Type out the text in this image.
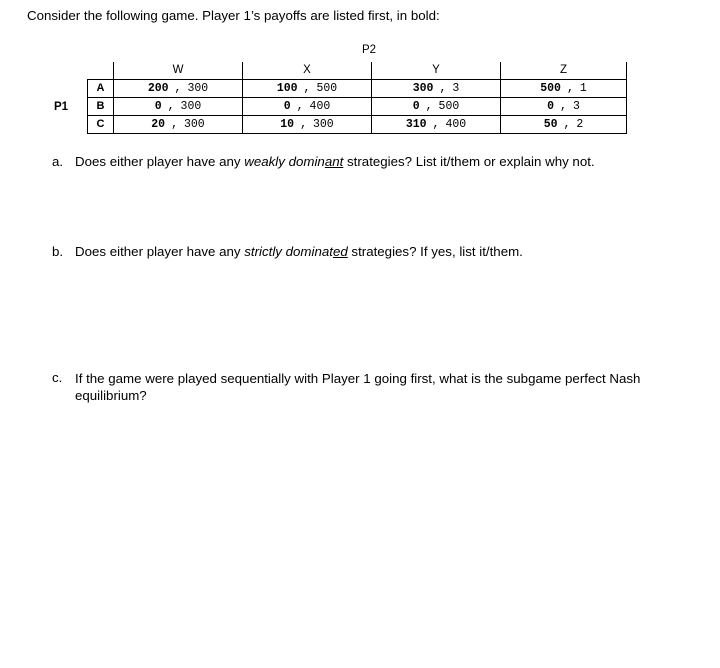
Consider the following game. Player 1’s payoffs are listed first, in bold:
P2
P1
	W	X	Y	Z
A	200 , 300	100 , 500	300 , 3	500 , 1
B	0 , 300	0 , 400	0 , 500	0 , 3
C	20 , 300	10 , 300	310 , 400	50 , 2
a. Does either player have any weakly dominant strategies? List it/them or explain why not.
b. Does either player have any strictly dominated strategies? If yes, list it/them.
c. If the game were played sequentially with Player 1 going first, what is the subgame perfect Nash equilibrium?
